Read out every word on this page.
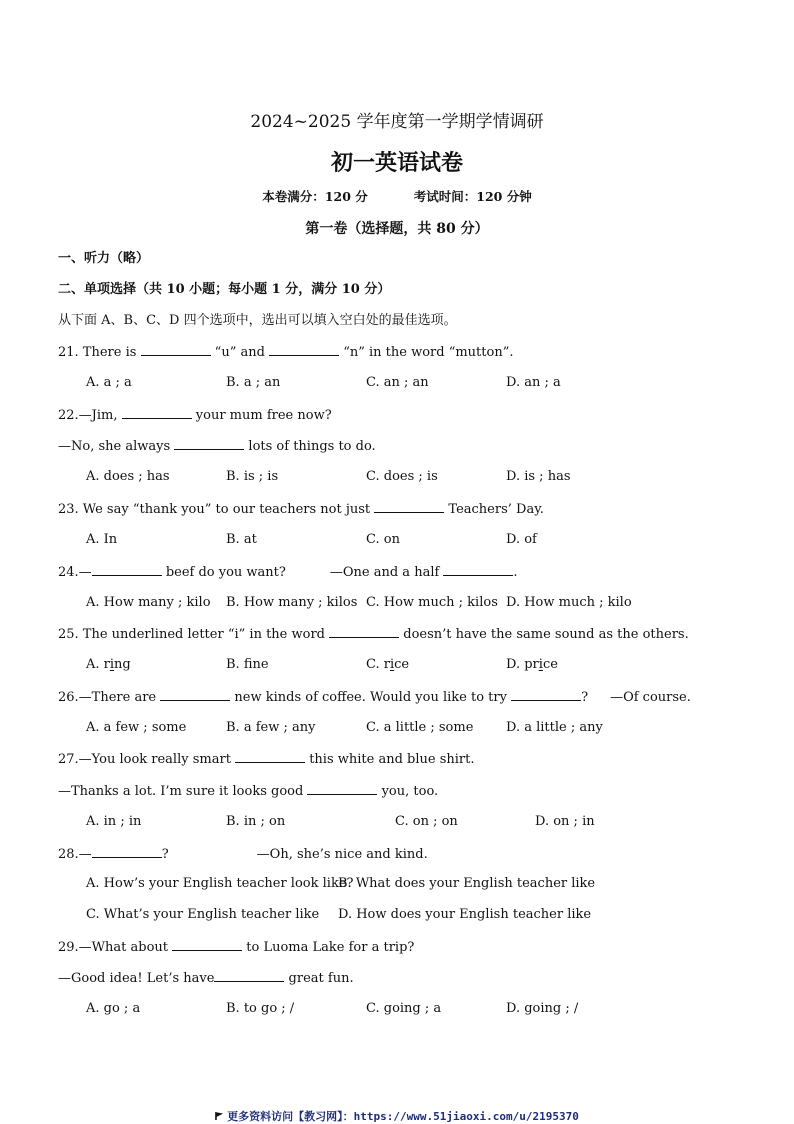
2024~2025 学年度第一学期学情调研
初一英语试卷
本卷满分：120 分	考试时间：120 分钟
第一卷（选择题，共 80 分）
一、听力（略）
二、单项选择（共 10 小题；每小题 1 分，满分 10 分）
从下面 A、B、C、D 四个选项中，选出可以填入空白处的最佳选项。
21. There is	“u” and	“n” in the word “mutton”.
A. a ; a	B. a ; an	C. an ; an	D. an ; a
22.—Jim,	your mum free now?
—No, she always	lots of things to do.
A. does ; has	B. is ; is	C. does ; is	D. is ; has
23. We say “thank you” to our teachers not just	Teachers’ Day.
A. In	B. at	C. on	D. of
24.—	beef do you want?	—One and a half	.
A. How many ; kilo B. How many ; kilos C. How much ; kilos D. How much ; kilo
25. The underlined letter “i” in the word	doesn’t have the same sound as the others.
A. ring	B. fne	C. rice	D. price
26.—There are	new kinds of coffee. Would you like to try	? —Of course.
A. a few ; some	B. a few ; any	C. a little ; some	D. a little ; any
27.—You look really smart	this white and blue shirt.
—Thanks a lot. I’m sure it looks good	you, too.
A. in ; in	B. in ; on	C. on ; on	D. on ; in
28.—	?	—Oh, she’s nice and kind.
A. How’s your English teacher look like?
B. What does your English teacher like
C. What’s your English teacher like D. How does your English teacher like
29.—What about	to Luoma Lake for a trip?
—Good idea! Let’s have	great fun.
A. go ; a	B. to go ; /	C. going ; a	D. going ; /
更多资料访问【教习网】：https://www.51jiaoxi.com/u/2195370
